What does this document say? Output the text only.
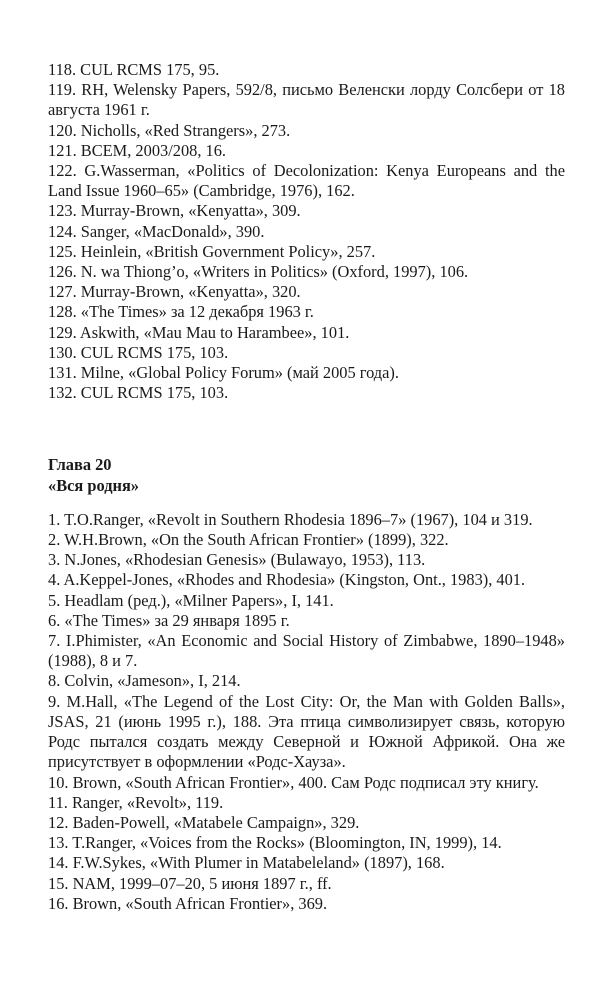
118. CUL RCMS 175, 95.
119. RH, Welensky Papers, 592/8, письмо Веленски лорду Солсбери от 18 августа 1961 г.
120. Nicholls, «Red Strangers», 273.
121. BCEM, 2003/208, 16.
122. G.Wasserman, «Politics of Decolonization: Kenya Europeans and the Land Issue 1960–65» (Cambridge, 1976), 162.
123. Murray-Brown, «Kenyatta», 309.
124. Sanger, «MacDonald», 390.
125. Heinlein, «British Government Policy», 257.
126. N. wa Thiong’o, «Writers in Politics» (Oxford, 1997), 106.
127. Murray-Brown, «Kenyatta», 320.
128. «The Times» за 12 декабря 1963 г.
129. Askwith, «Mau Mau to Harambee», 101.
130. CUL RCMS 175, 103.
131. Milne, «Global Policy Forum» (май 2005 года).
132. CUL RCMS 175, 103.
Глава 20
«Вся родня»
1. T.O.Ranger, «Revolt in Southern Rhodesia 1896–7» (1967), 104 и 319.
2. W.H.Brown, «On the South African Frontier» (1899), 322.
3. N.Jones, «Rhodesian Genesis» (Bulawayo, 1953), 113.
4. A.Keppel-Jones, «Rhodes and Rhodesia» (Kingston, Ont., 1983), 401.
5. Headlam (ред.), «Milner Papers», I, 141.
6. «The Times» за 29 января 1895 г.
7. I.Phimister, «An Economic and Social History of Zimbabwe, 1890–1948» (1988), 8 и 7.
8. Colvin, «Jameson», I, 214.
9. M.Hall, «The Legend of the Lost City: Or, the Man with Golden Balls», JSAS, 21 (июнь 1995 г.), 188. Эта птица символизирует связь, которую Родс пытался создать между Северной и Южной Африкой. Она же присутствует в оформлении «Родс-Хауза».
10. Brown, «South African Frontier», 400. Сам Родс подписал эту книгу.
11. Ranger, «Revolt», 119.
12. Baden-Powell, «Matabele Campaign», 329.
13. T.Ranger, «Voices from the Rocks» (Bloomington, IN, 1999), 14.
14. F.W.Sykes, «With Plumer in Matabeleland» (1897), 168.
15. NAM, 1999–07–20, 5 июня 1897 г., ff.
16. Brown, «South African Frontier», 369.
